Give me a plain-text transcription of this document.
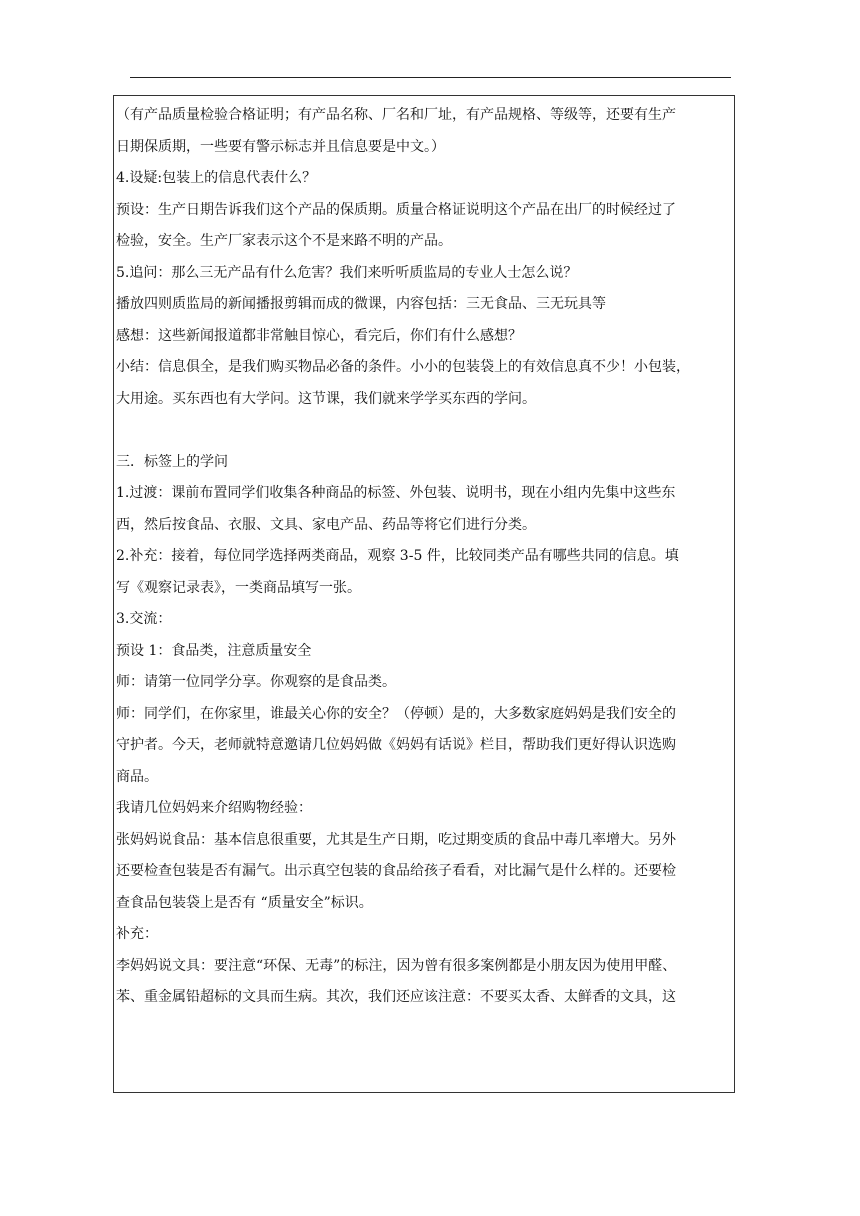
（有产品质量检验合格证明；有产品名称、厂名和厂址，有产品规格、等级等，还要有生产
日期保质期，一些要有警示标志并且信息要是中文。）
4.设疑:包装上的信息代表什么？
预设：生产日期告诉我们这个产品的保质期。质量合格证说明这个产品在出厂的时候经过了
检验，安全。生产厂家表示这个不是来路不明的产品。
5.追问：那么三无产品有什么危害？我们来听听质监局的专业人士怎么说？
播放四则质监局的新闻播报剪辑而成的微课，内容包括：三无食品、三无玩具等
感想：这些新闻报道都非常触目惊心，看完后，你们有什么感想？
小结：信息俱全，是我们购买物品必备的条件。小小的包装袋上的有效信息真不少！小包装，
大用途。买东西也有大学问。这节课，我们就来学学买东西的学问。
三．标签上的学问
1.过渡：课前布置同学们收集各种商品的标签、外包装、说明书，现在小组内先集中这些东
西，然后按食品、衣服、文具、家电产品、药品等将它们进行分类。
2.补充：接着，每位同学选择两类商品，观察 3-5 件，比较同类产品有哪些共同的信息。填
写《观察记录表》，一类商品填写一张。
3.交流：
预设 1：食品类，注意质量安全
师：请第一位同学分享。你观察的是食品类。
师：同学们，在你家里，谁最关心你的安全？（停顿）是的，大多数家庭妈妈是我们安全的
守护者。今天，老师就特意邀请几位妈妈做《妈妈有话说》栏目，帮助我们更好得认识选购
商品。
我请几位妈妈来介绍购物经验：
张妈妈说食品：基本信息很重要，尤其是生产日期，吃过期变质的食品中毒几率增大。另外
还要检查包装是否有漏气。出示真空包装的食品给孩子看看，对比漏气是什么样的。还要检
查食品包装袋上是否有 “质量安全”标识。
补充：
李妈妈说文具：要注意“环保、无毒”的标注，因为曾有很多案例都是小朋友因为使用甲醛、
苯、重金属铅超标的文具而生病。其次，我们还应该注意：不要买太香、太鲜香的文具，这
